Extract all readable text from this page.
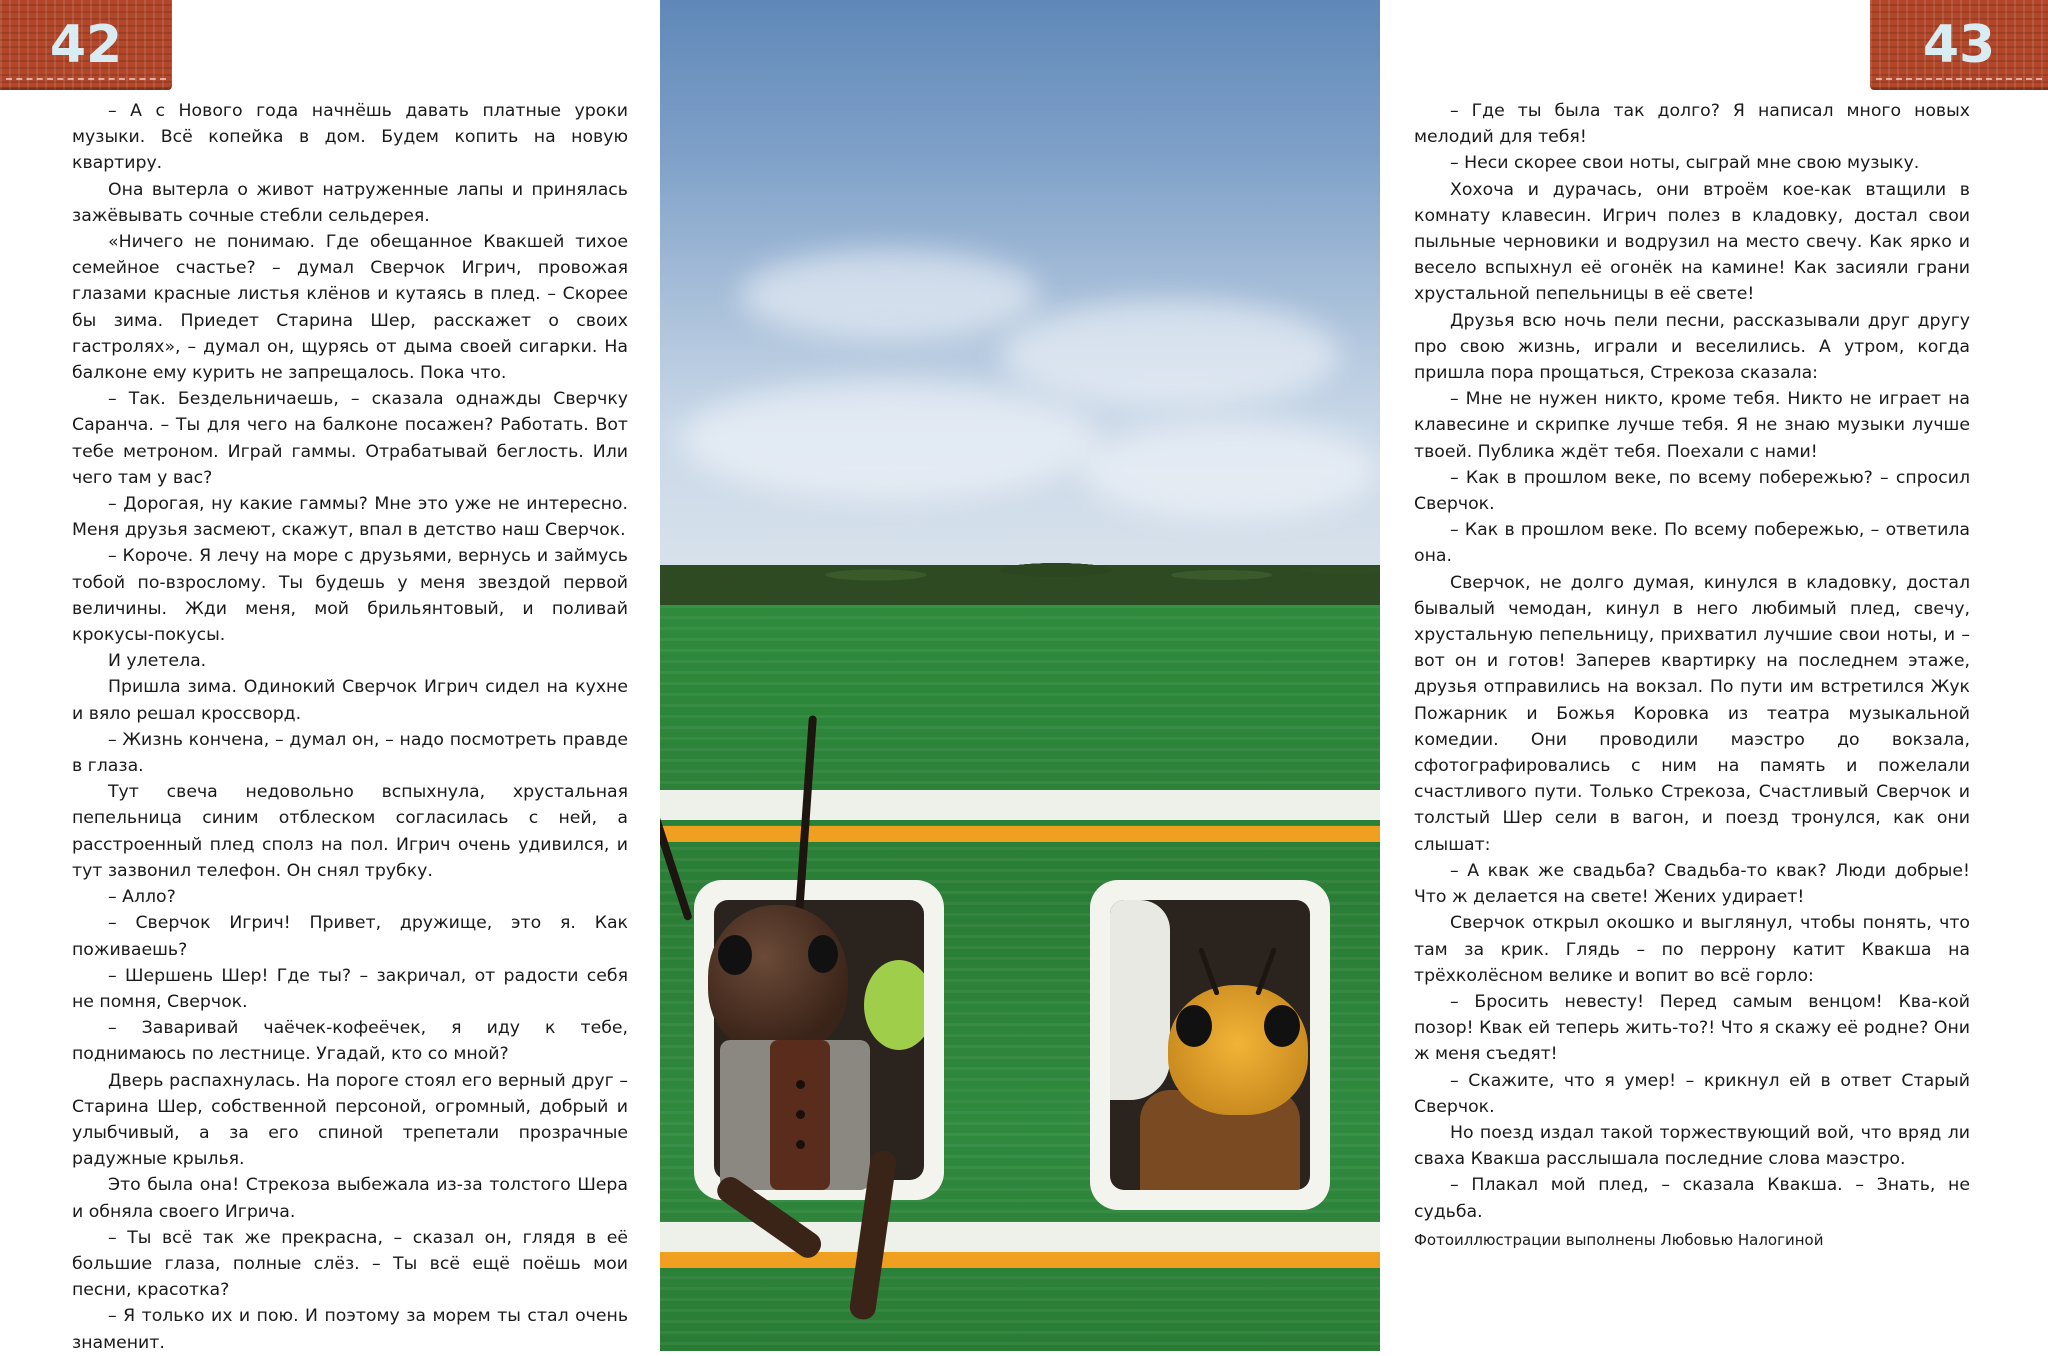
42

– А с Нового года начнёшь давать платные уроки музыки. Всё копейка в дом. Будем копить на новую квартиру.

Она вытерла о живот натруженные лапы и принялась зажёвывать сочные стебли сельдерея.

«Ничего не понимаю. Где обещанное Квакшей тихое семейное счастье? – думал Сверчок Игрич, провожая глазами красные листья клёнов и кутаясь в плед. – Скорее бы зима. Приедет Старина Шер, расскажет о своих гастролях», – думал он, щурясь от дыма своей сигарки. На балконе ему курить не запрещалось. Пока что.

– Так. Бездельничаешь, – сказала однажды Сверчку Саранча. – Ты для чего на балконе посажен? Работать. Вот тебе метроном. Играй гаммы. Отрабатывай беглость. Или чего там у вас?

– Дорогая, ну какие гаммы? Мне это уже не интересно. Меня друзья засмеют, скажут, впал в детство наш Сверчок.

– Короче. Я лечу на море с друзьями, вернусь и займусь тобой по-взрослому. Ты будешь у меня звездой первой величины. Жди меня, мой брильянтовый, и поливай крокусы-покусы.

И улетела.

Пришла зима. Одинокий Сверчок Игрич сидел на кухне и вяло решал кроссворд.

– Жизнь кончена, – думал он, – надо посмотреть правде в глаза.

Тут свеча недовольно вспыхнула, хрустальная пепельница синим отблеском согласилась с ней, а расстроенный плед сполз на пол. Игрич очень удивился, и тут зазвонил телефон. Он снял трубку.

– Алло?

– Сверчок Игрич! Привет, дружище, это я. Как поживаешь?

– Шершень Шер! Где ты? – закричал, от радости себя не помня, Сверчок.

– Заваривай чаёчек-кофеёчек, я иду к тебе, поднимаюсь по лестнице. Угадай, кто со мной?

Дверь распахнулась. На пороге стоял его верный друг – Старина Шер, собственной персоной, огромный, добрый и улыбчивый, а за его спиной трепетали прозрачные радужные крылья.

Это была она! Стрекоза выбежала из-за толстого Шера и обняла своего Игрича.

– Ты всё так же прекрасна, – сказал он, глядя в её большие глаза, полные слёз. – Ты всё ещё поёшь мои песни, красотка?

– Я только их и пою. И поэтому за морем ты стал очень знаменит.

43

– Где ты была так долго? Я написал много новых мелодий для тебя!

– Неси скорее свои ноты, сыграй мне свою музыку.

Хохоча и дурачась, они втроём кое-как втащили в комнату клавесин. Игрич полез в кладовку, достал свои пыльные черновики и водрузил на место свечу. Как ярко и весело вспыхнул её огонёк на камине! Как засияли грани хрустальной пепельницы в её свете!

Друзья всю ночь пели песни, рассказывали друг другу про свою жизнь, играли и веселились. А утром, когда пришла пора прощаться, Стрекоза сказала:

– Мне не нужен никто, кроме тебя. Никто не играет на клавесине и скрипке лучше тебя. Я не знаю музыки лучше твоей. Публика ждёт тебя. Поехали с нами!

– Как в прошлом веке, по всему побережью? – спросил Сверчок.

– Как в прошлом веке. По всему побережью, – ответила она.

Сверчок, не долго думая, кинулся в кладовку, достал бывалый чемодан, кинул в него любимый плед, свечу, хрустальную пепельницу, прихватил лучшие свои ноты, и – вот он и готов! Заперев квартирку на последнем этаже, друзья отправились на вокзал. По пути им встретился Жук Пожарник и Божья Коровка из театра музыкальной комедии. Они проводили маэстро до вокзала, сфотографировались с ним на память и пожелали счастливого пути. Только Стрекоза, Счастливый Сверчок и толстый Шер сели в вагон, и поезд тронулся, как они слышат:

– А квак же свадьба? Свадьба-то квак? Люди добрые! Что ж делается на свете! Жених удирает!

Сверчок открыл окошко и выглянул, чтобы понять, что там за крик. Глядь – по перрону катит Квакша на трёхколёсном велике и вопит во всё горло:

– Бросить невесту! Перед самым венцом! Ква-кой позор! Квак ей теперь жить-то?! Что я скажу её родне? Они ж меня съедят!

– Скажите, что я умер! – крикнул ей в ответ Старый Сверчок.

Но поезд издал такой торжествующий вой, что вряд ли сваха Квакша расслышала последние слова маэстро.

– Плакал мой плед, – сказала Квакша. – Знать, не судьба.

Фотоиллюстрации выполнены Любовью Налогиной
